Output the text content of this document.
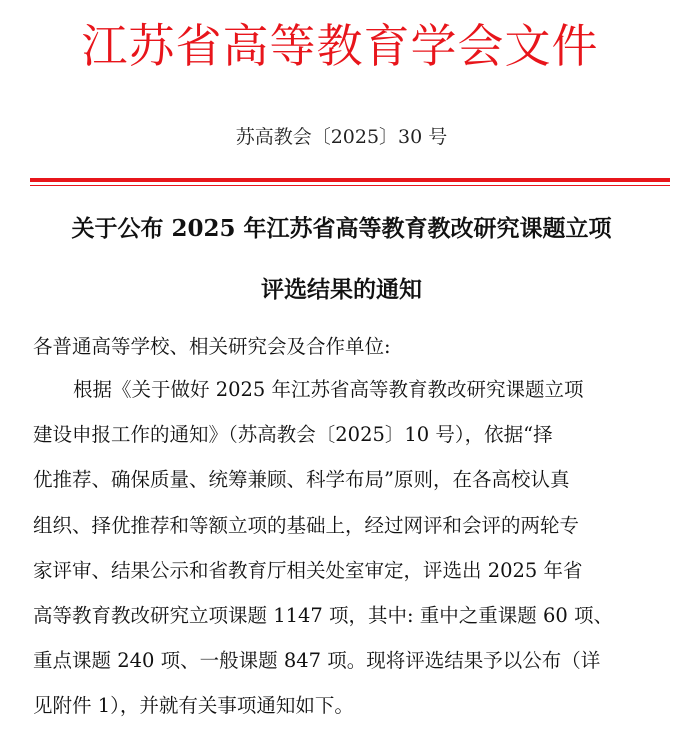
江苏省高等教育学会文件
苏高教会〔2025〕30 号
关于公布 2025 年江苏省高等教育教改研究课题立项
评选结果的通知
各普通高等学校、相关研究会及合作单位:
根据《关于做好 2025 年江苏省高等教育教改研究课题立项
建设申报工作的通知》（苏高教会〔2025〕10 号），依据“择
优推荐、确保质量、统筹兼顾、科学布局”原则，在各高校认真
组织、择优推荐和等额立项的基础上，经过网评和会评的两轮专
家评审、结果公示和省教育厅相关处室审定，评选出 2025 年省
高等教育教改研究立项课题 1147 项，其中: 重中之重课题 60 项、
重点课题 240 项、一般课题 847 项。现将评选结果予以公布（详
见附件 1），并就有关事项通知如下。
